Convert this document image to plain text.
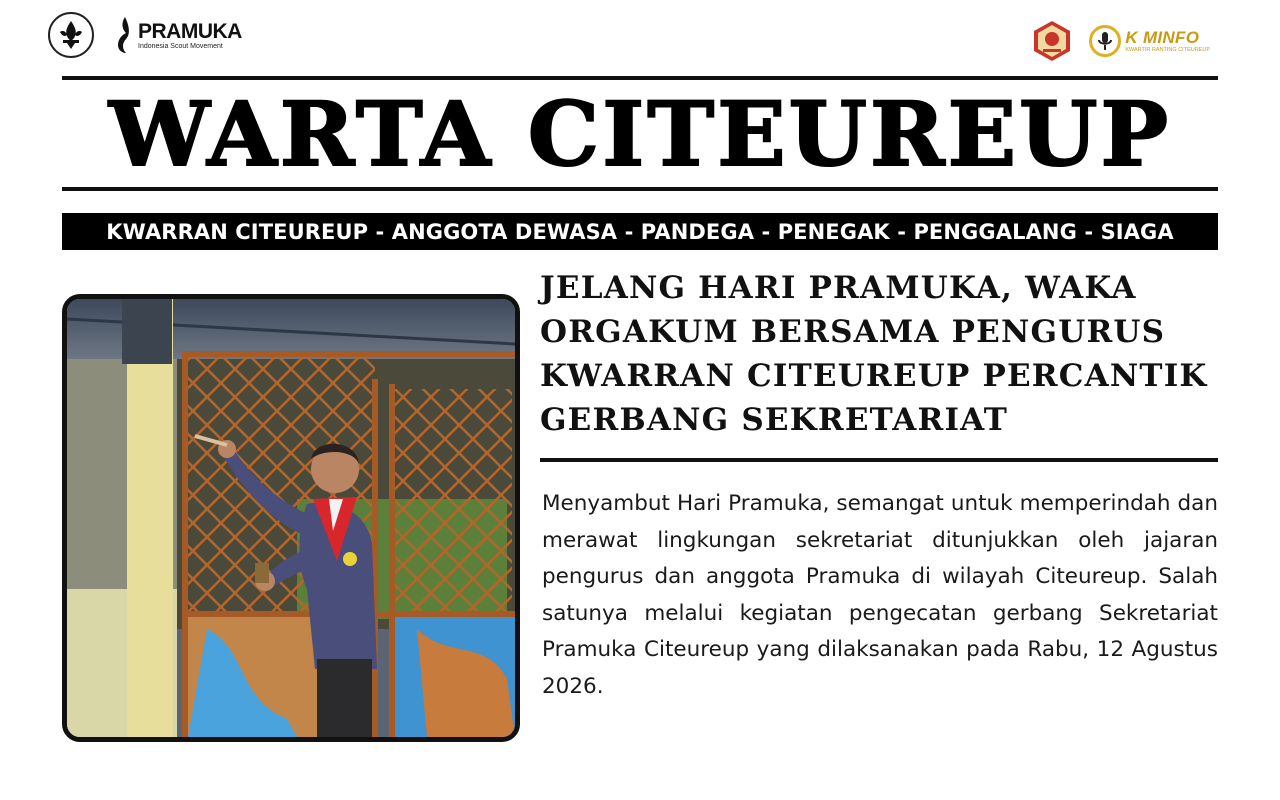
PRAMUKA
Indonesia Scout Movement	K MINFO
KWARTIR RANTING CITEUREUP
WARTA CITEUREUP
KWARRAN CITEUREUP - ANGGOTA DEWASA - PANDEGA - PENEGAK - PENGGALANG - SIAGA
JELANG HARI PRAMUKA, WAKA
ORGAKUM BERSAMA PENGURUS
KWARRAN CITEUREUP PERCANTIK
GERBANG SEKRETARIAT

Menyambut Hari Pramuka, semangat untuk memperindah dan merawat lingkungan sekretariat ditunjukkan oleh jajaran pengurus dan anggota Pramuka di wilayah Citeureup. Salah satunya melalui kegiatan pengecatan gerbang Sekretariat Pramuka Citeureup yang dilaksanakan pada Rabu, 12 Agustus 2026.
